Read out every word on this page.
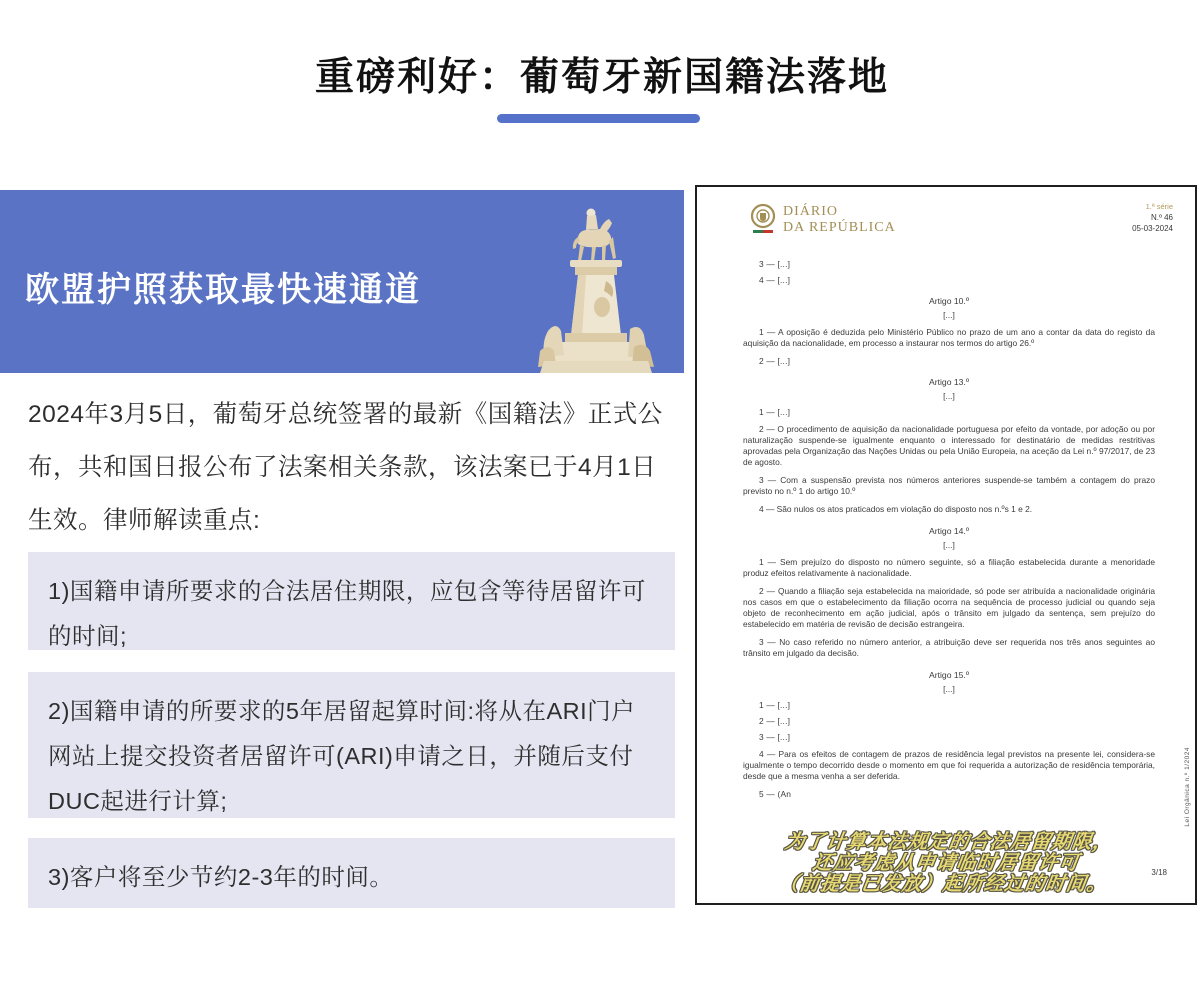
重磅利好：葡萄牙新国籍法落地
欧盟护照获取最快速通道
2024年3月5日，葡萄牙总统签署的最新《国籍法》正式公布，共和国日报公布了法案相关条款，该法案已于4月1日生效。律师解读重点:
1)国籍申请所要求的合法居住期限，应包含等待居留许可的时间;
2)国籍申请的所要求的5年居留起算时间:将从在ARI门户网站上提交投资者居留许可(ARI)申请之日，并随后支付DUC起进行计算;
3)客户将至少节约2-3年的时间。
DIÁRIO
DA REPÚBLICA
1.ª série
N.º 46
05-03-2024
3 — [...]
4 — [...]
Artigo 10.º
[...]
1 — A oposição é deduzida pelo Ministério Público no prazo de um ano a contar da data do registo da aquisição da nacionalidade, em processo a instaurar nos termos do artigo 26.º
2 — [...]
Artigo 13.º
[...]
1 — [...]
2 — O procedimento de aquisição da nacionalidade portuguesa por efeito da vontade, por adoção ou por naturalização suspende-se igualmente enquanto o interessado for destinatário de medidas restritivas aprovadas pela Organização das Nações Unidas ou pela União Europeia, na aceção da Lei n.º 97/2017, de 23 de agosto.
3 — Com a suspensão prevista nos números anteriores suspende-se também a contagem do prazo previsto no n.º 1 do artigo 10.º
4 — São nulos os atos praticados em violação do disposto nos n.ºs 1 e 2.
Artigo 14.º
[...]
1 — Sem prejuízo do disposto no número seguinte, só a filiação estabelecida durante a menoridade produz efeitos relativamente à nacionalidade.
2 — Quando a filiação seja estabelecida na maioridade, só pode ser atribuída a nacionalidade originária nos casos em que o estabelecimento da filiação ocorra na sequência de processo judicial ou quando seja objeto de reconhecimento em ação judicial, após o trânsito em julgado da sentença, sem prejuízo do estabelecido em matéria de revisão de decisão estrangeira.
3 — No caso referido no número anterior, a atribuição deve ser requerida nos três anos seguintes ao trânsito em julgado da decisão.
Artigo 15.º
[...]
1 — [...]
2 — [...]
3 — [...]
4 — Para os efeitos de contagem de prazos de residência legal previstos na presente lei, considera-se igualmente o tempo decorrido desde o momento em que foi requerida a autorização de residência temporária, desde que a mesma venha a ser deferida.
5 — (An	Lei Orgânica n.º 1/2024
3/18
为了计算本法规定的合法居留期限，
还应考虑从申请临时居留许可
（前提是已发放）起所经过的时间。
